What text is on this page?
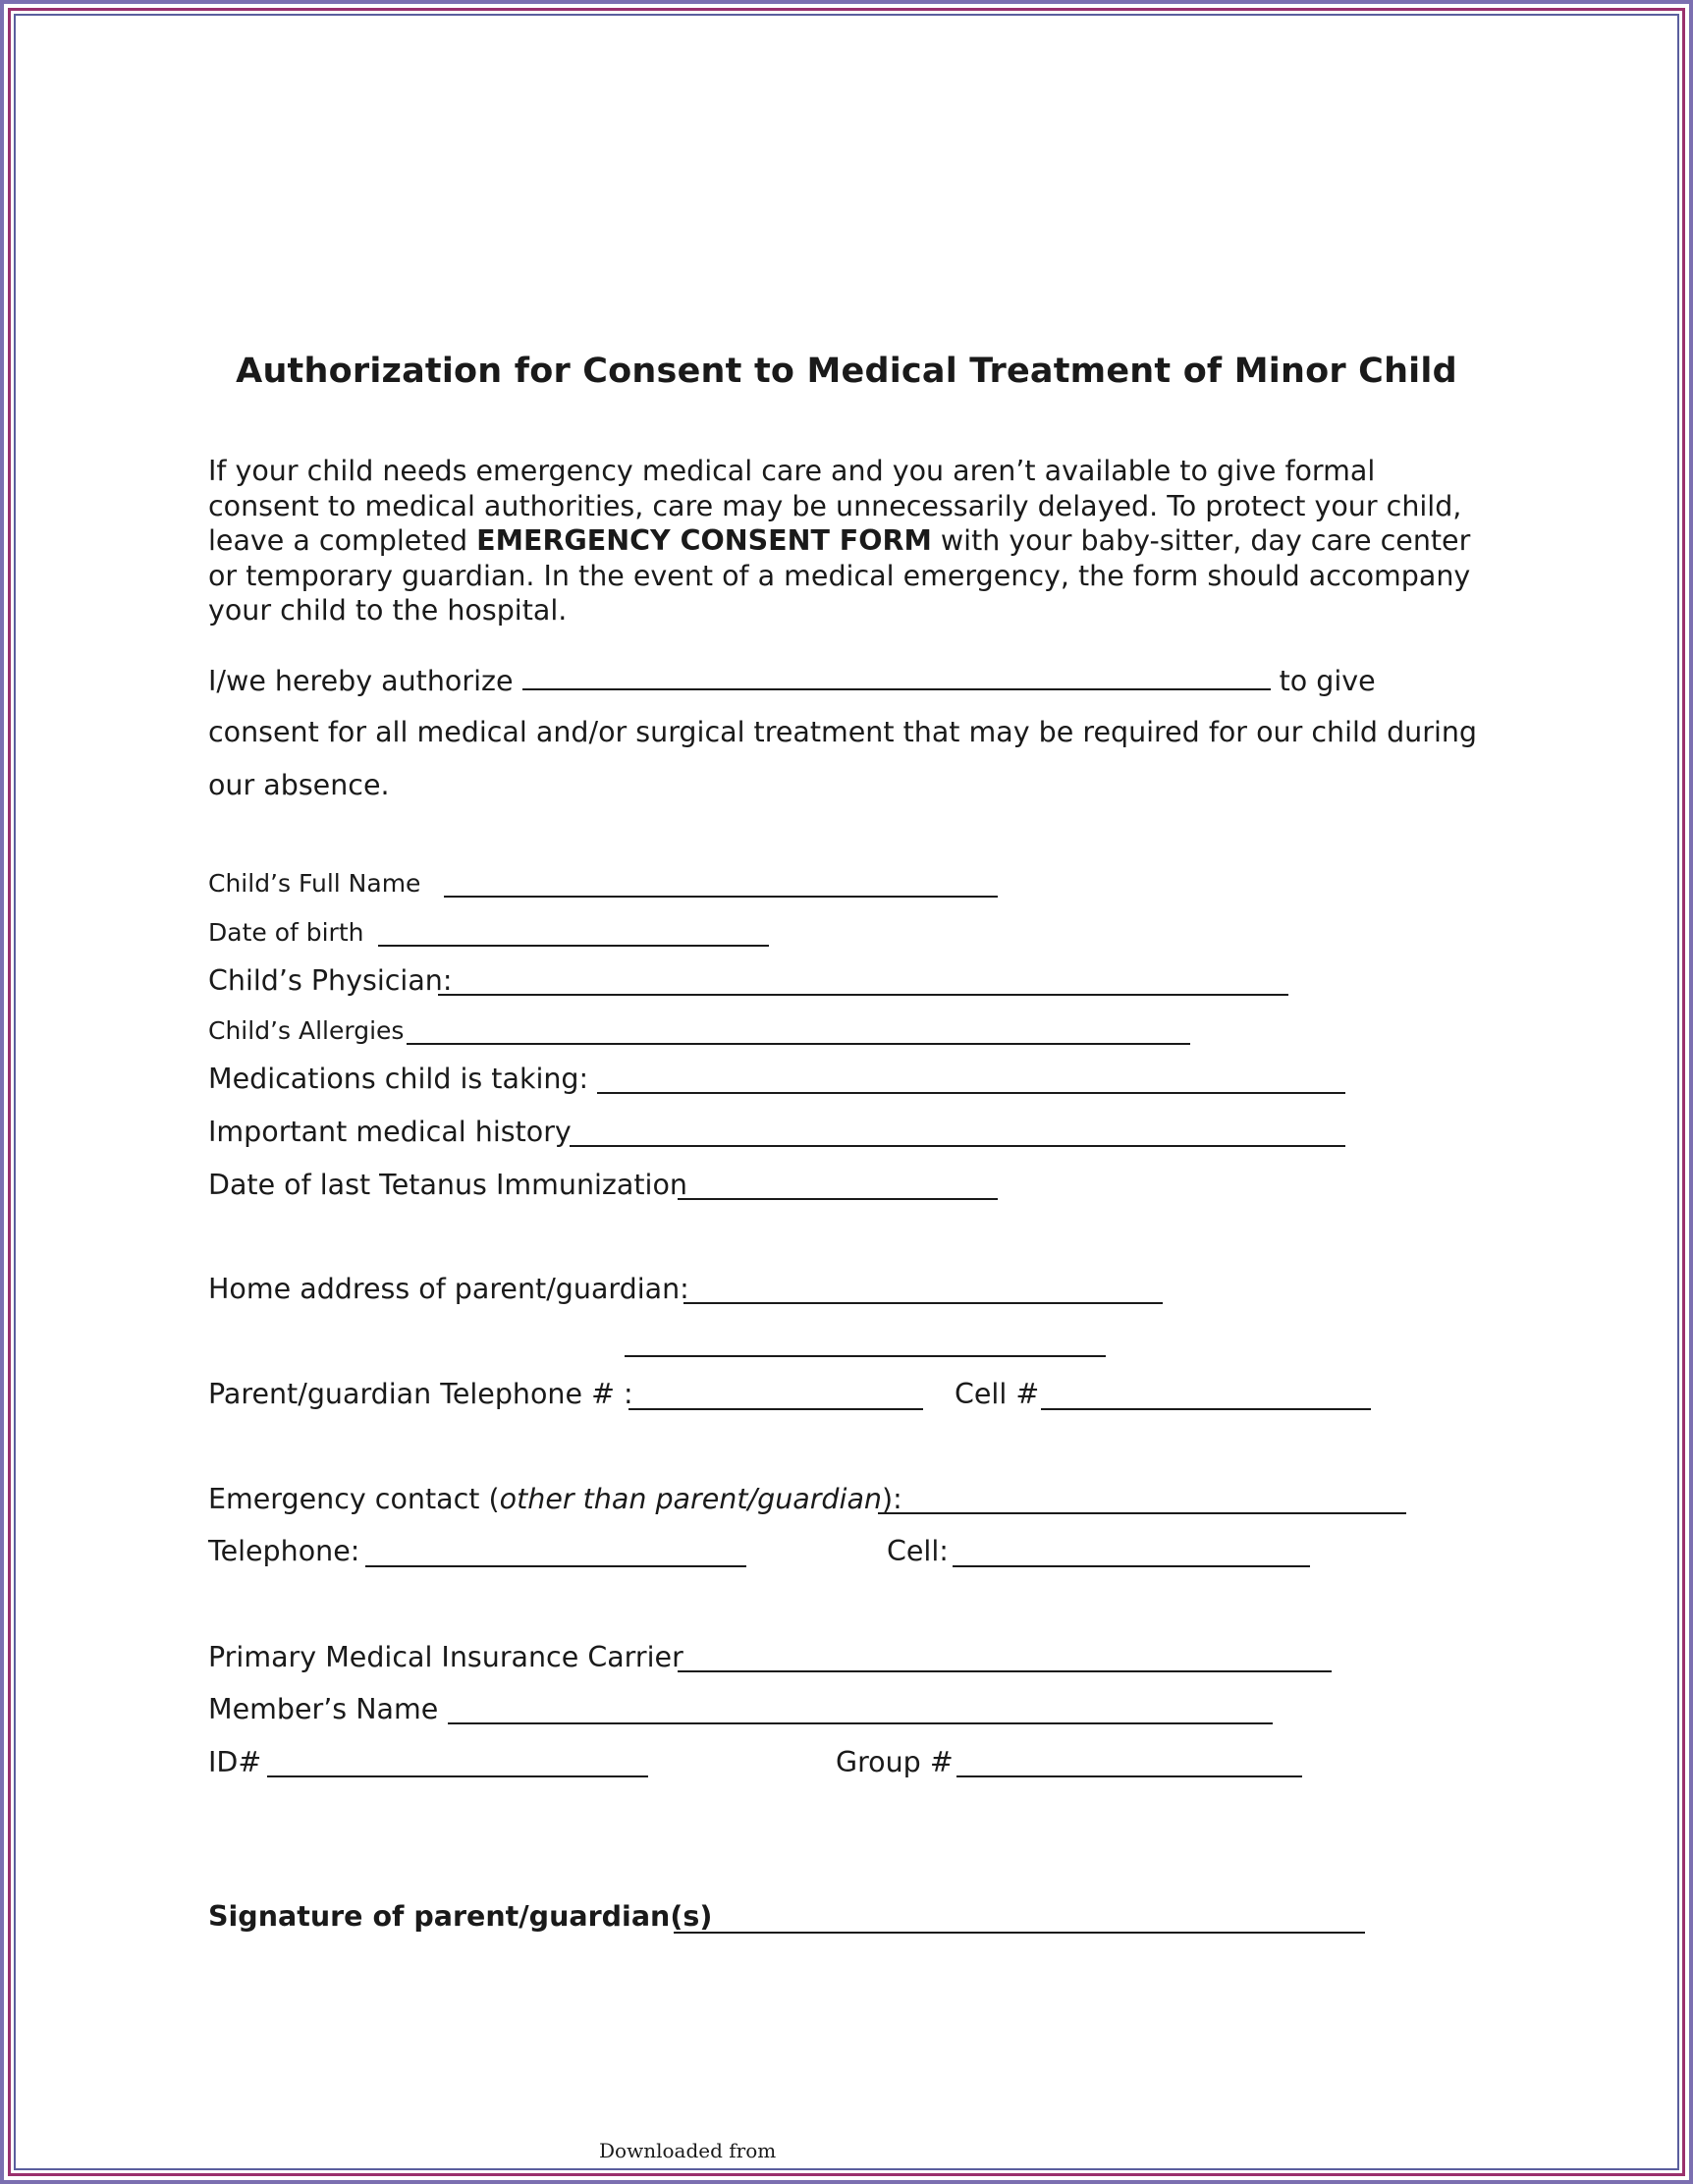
Authorization for Consent to Medical Treatment of Minor Child
If your child needs emergency medical care and you aren’t available to give formal consent to medical authorities, care may be unnecessarily delayed. To protect your child, leave a completed EMERGENCY CONSENT FORM with your baby-sitter, day care center or temporary guardian. In the event of a medical emergency, the form should accompany your child to the hospital.
I/we hereby authorize	to give
consent for all medical and/or surgical treatment that may be required for our child during
our absence.
Child’s Full Name
Date of birth
Child’s Physician:
Child’s Allergies
Medications child is taking:
Important medical history
Date of last Tetanus Immunization
Home address of parent/guardian:
Parent/guardian Telephone # :	Cell #
Emergency contact (other than parent/guardian):
Telephone:	Cell:
Primary Medical Insurance Carrier
Member’s Name
ID#	Group #
Signature of parent/guardian(s)
Downloaded from
